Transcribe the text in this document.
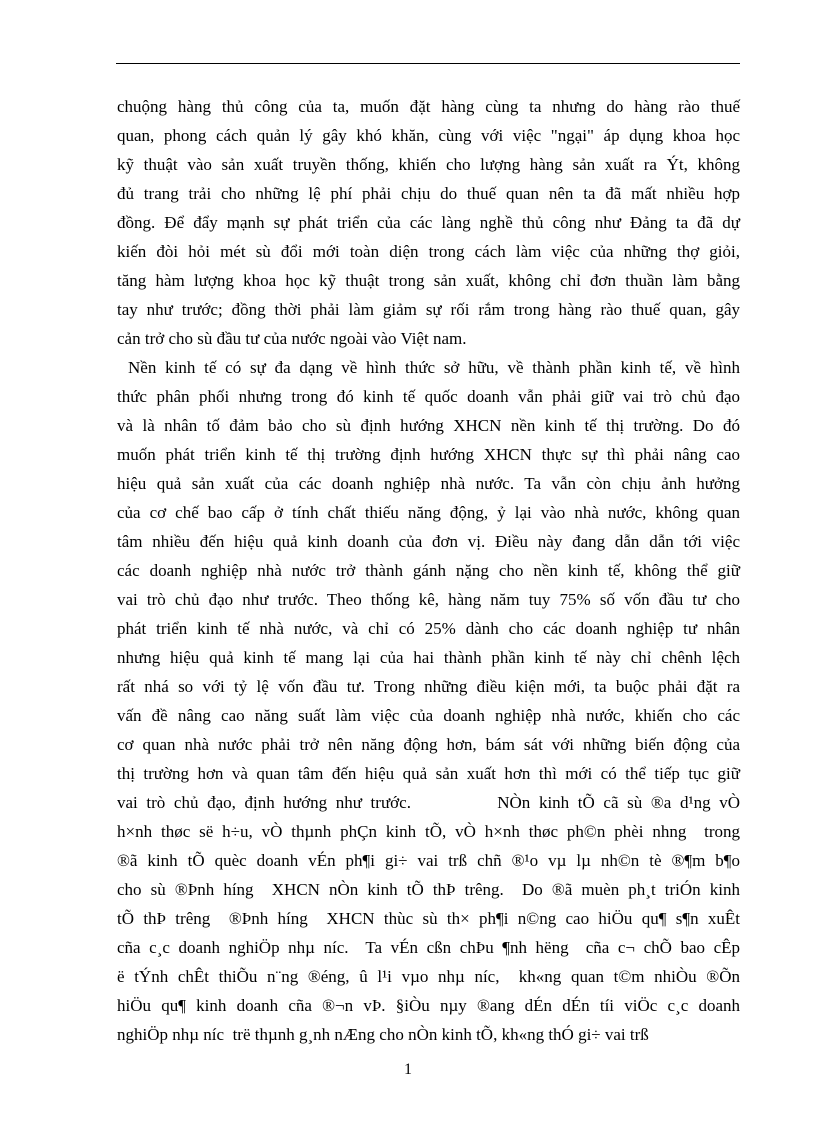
chuộng hàng thủ công của ta, muốn đặt hàng cùng ta nhưng do hàng rào thuế
quan, phong cách quản lý gây khó khăn, cùng với việc "ngại" áp dụng khoa học
kỹ thuật vào sản xuất truyền thống, khiến cho lượng hàng sản xuất ra Ýt, không
đủ trang trải cho những lệ phí phải chịu do thuế quan nên ta đã mất nhiều hợp
đồng. Để đẩy mạnh sự phát triển của các làng nghề thủ công như Đảng ta đã dự
kiến đòi hỏi mét sù đổi mới toàn diện trong cách làm việc của những thợ giỏi,
tăng hàm lượng khoa học kỹ thuật trong sản xuất, không chỉ đơn thuần làm bằng
tay như trước; đồng thời phải làm giảm sự rối rắm trong hàng rào thuế quan, gây
cản trở cho sù đầu tư của nước ngoài vào Việt nam.
Nền kinh tế có sự đa dạng về hình thức sở hữu, về thành phần kinh tế, về hình
thức phân phối nhưng trong đó kinh tế quốc doanh vẫn phải giữ vai trò chủ đạo
và là nhân tố đảm bảo cho sù định hướng XHCN nền kinh tế thị trường. Do đó
muốn phát triển kinh tế thị trường định hướng XHCN thực sự thì phải nâng cao
hiệu quả sản xuất của các doanh nghiệp nhà nước. Ta vẫn còn chịu ảnh hưởng
của cơ chế bao cấp ở tính chất thiếu năng động, ỷ lại vào nhà nước, không quan
tâm nhiều đến hiệu quả kinh doanh của đơn vị. Điều này đang dẫn dẫn tới việc
các doanh nghiệp nhà nước trở thành gánh nặng cho nền kinh tế, không thể giữ
vai trò chủ đạo như trước. Theo thống kê, hàng năm tuy 75% số vốn đầu tư cho
phát triển kinh tế nhà nước, và chỉ có 25% dành cho các doanh nghiệp tư nhân
nhưng hiệu quả kinh tế mang lại của hai thành phần kinh tế này chỉ chênh lệch
rất nhá so với tỷ lệ vốn đầu tư. Trong những điều kiện mới, ta buộc phải đặt ra
vấn đề nâng cao năng suất làm việc của doanh nghiệp nhà nước, khiến cho các
cơ quan nhà nước phải trở nên năng động hơn, bám sát với những biến động của
thị trường hơn và quan tâm đến hiệu quả sản xuất hơn thì mới có thể tiếp tục giữ
vai trò chủ đạo, định hướng như trước.          NÒn kinh tÕ cã sù ®a d¹ng vÒ
h×nh thøc së h÷u, vÒ thµnh phÇn kinh tÕ, vÒ h×nh thøc ph©n phèi nhng  trong
®ã kinh tÕ quèc doanh vÉn ph¶i gi÷ vai trß chñ ®¹o vµ lµ nh©n tè ®¶m b¶o
cho sù ®Þnh híng  XHCN nÒn kinh tÕ thÞ trêng.  Do ®ã muèn ph¸t triÓn kinh
tÕ thÞ trêng  ®Þnh híng  XHCN thùc sù th× ph¶i n©ng cao hiÖu qu¶ s¶n xuÊt
cña c¸c doanh nghiÖp nhµ níc.  Ta vÉn cßn chÞu ¶nh hëng  cña c¬ chÕ bao cÊp
ë tÝnh chÊt thiÕu n¨ng ®éng, û l¹i vµo nhµ níc,  kh«ng quan t©m nhiÒu ®Õn
hiÖu qu¶ kinh doanh cña ®¬n vÞ. §iÒu nµy ®ang dÉn dÉn tíi viÖc c¸c doanh
nghiÖp nhµ níc  trë thµnh g¸nh nÆng cho nÒn kinh tÕ, kh«ng thÓ gi÷ vai trß
1
